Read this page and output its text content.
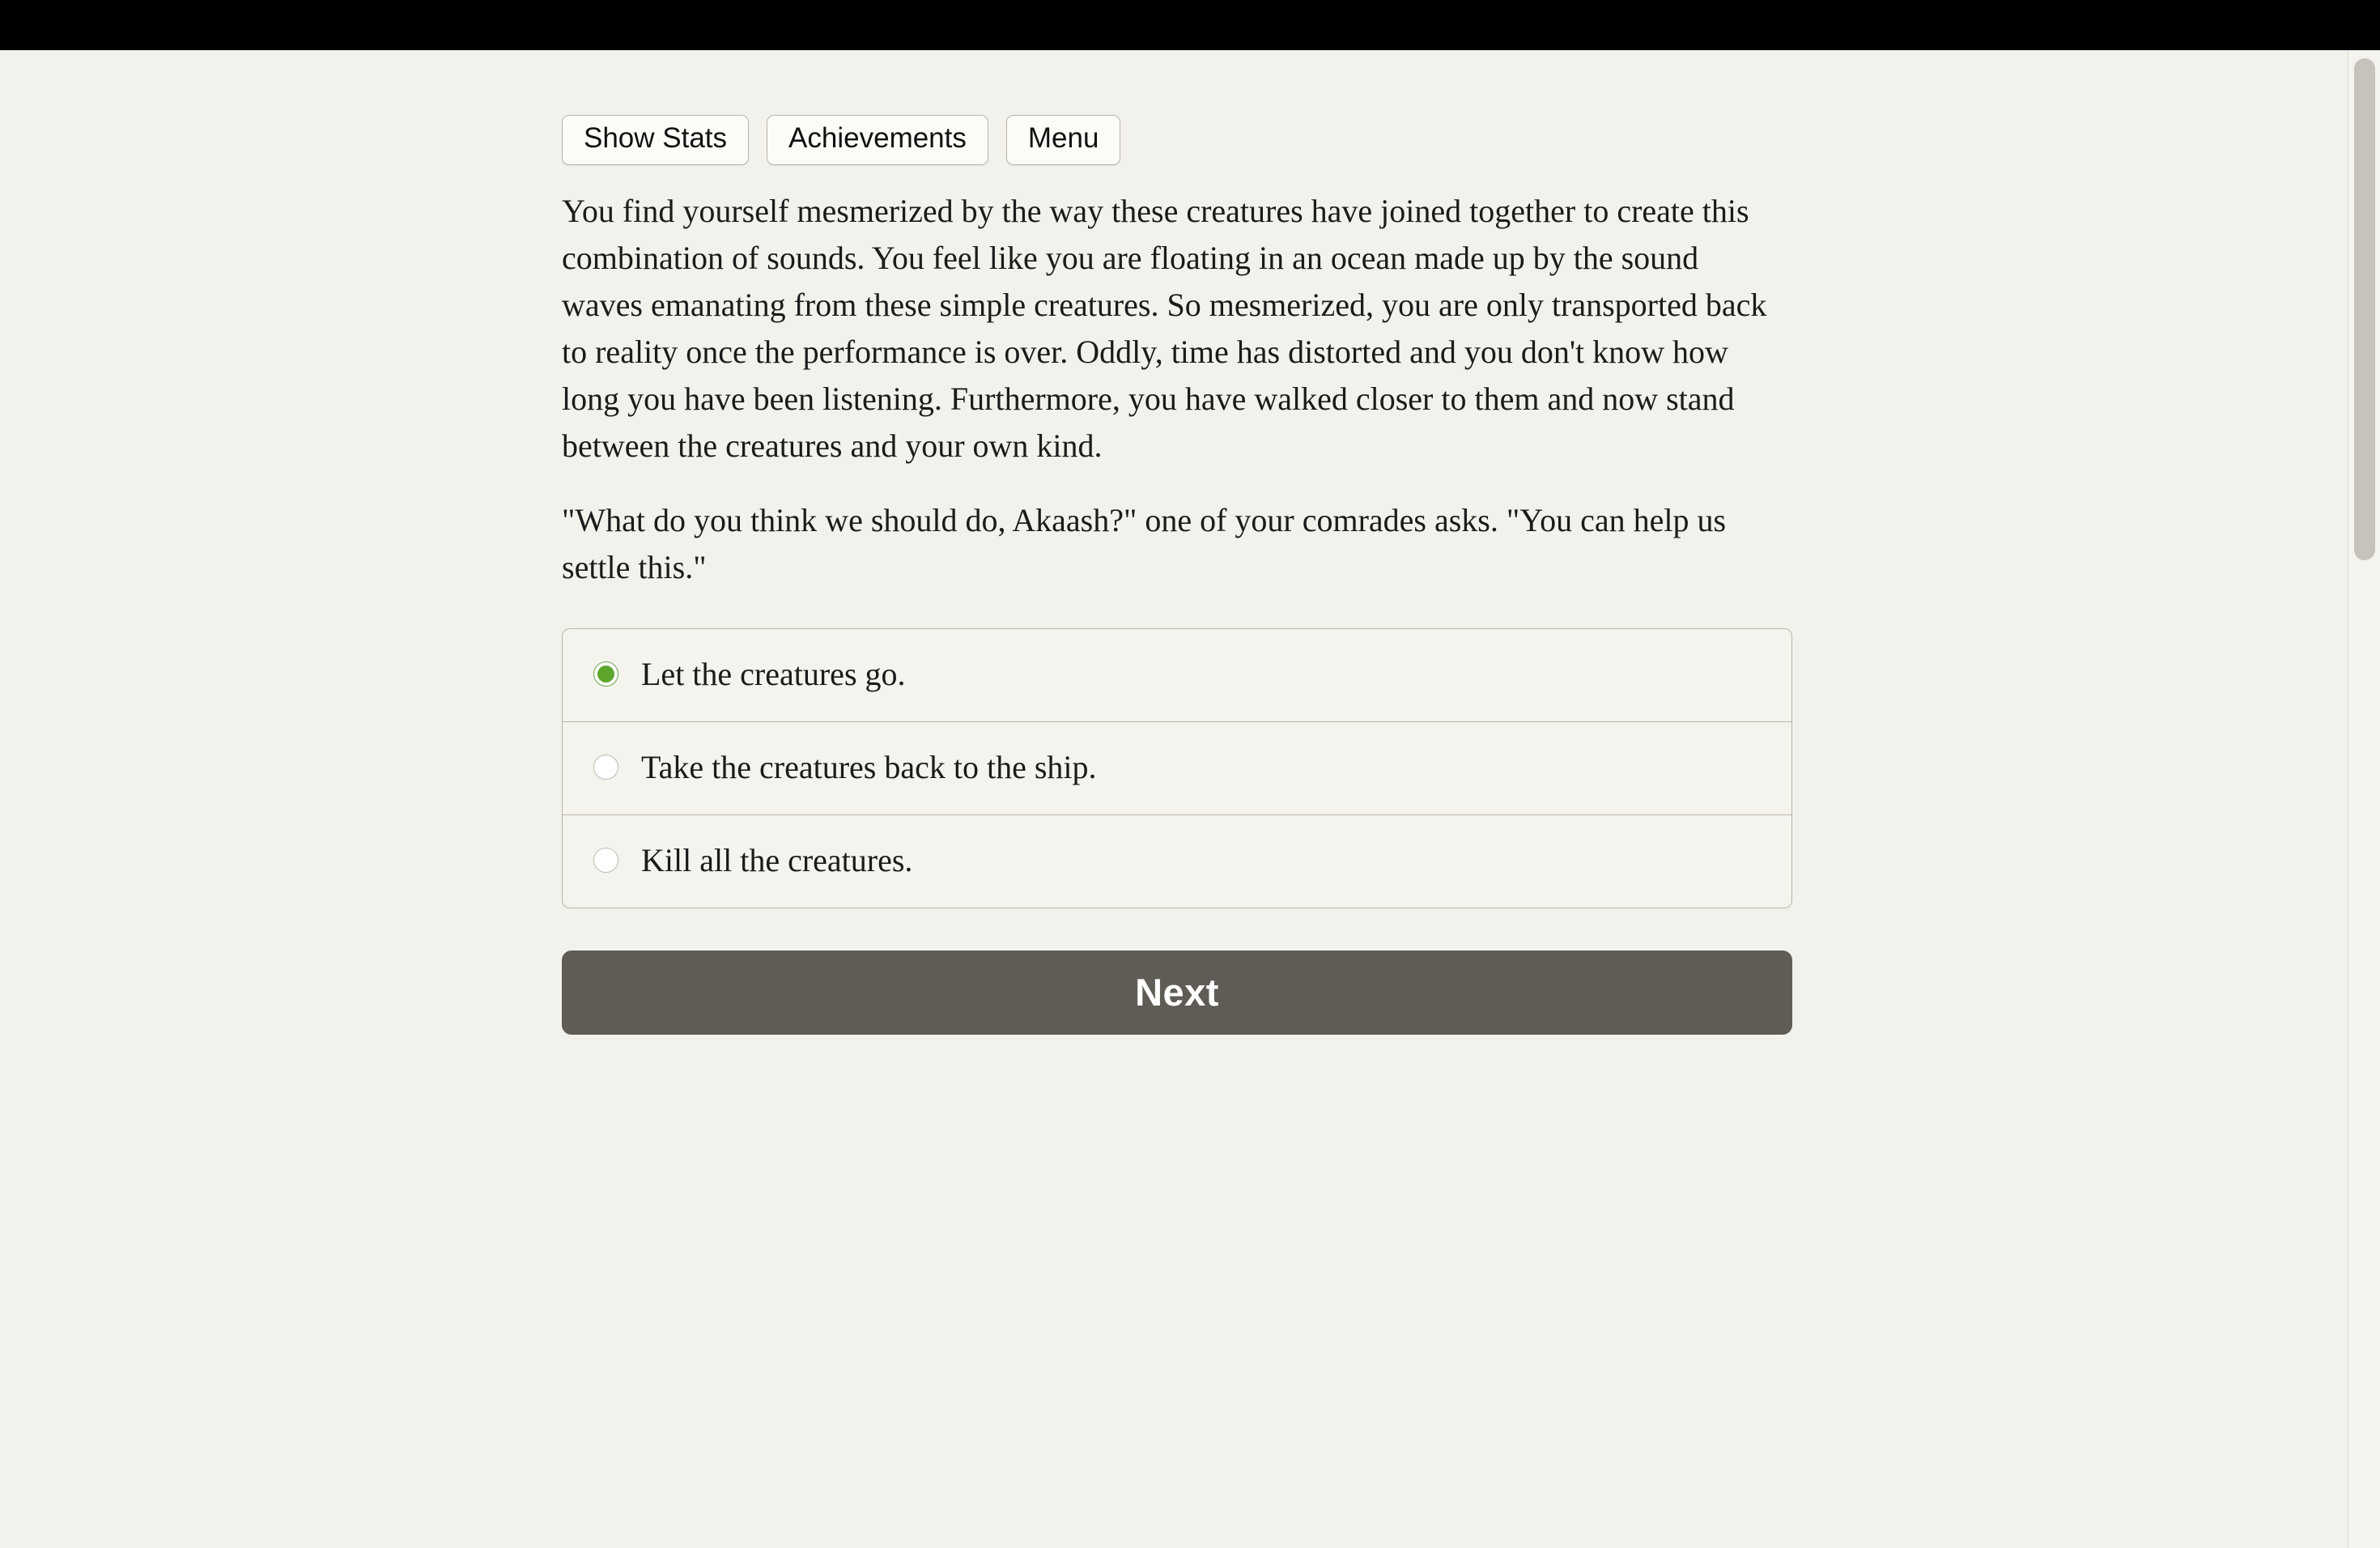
Show Stats	Achievements	Menu

You find yourself mesmerized by the way these creatures have joined together to create this combination of sounds. You feel like you are floating in an ocean made up by the sound waves emanating from these simple creatures. So mesmerized, you are only transported back to reality once the performance is over. Oddly, time has distorted and you don't know how long you have been listening. Furthermore, you have walked closer to them and now stand between the creatures and your own kind.

"What do you think we should do, Akaash?" one of your comrades asks. "You can help us settle this."

Let the creatures go.
Take the creatures back to the ship.
Kill all the creatures.
Next
